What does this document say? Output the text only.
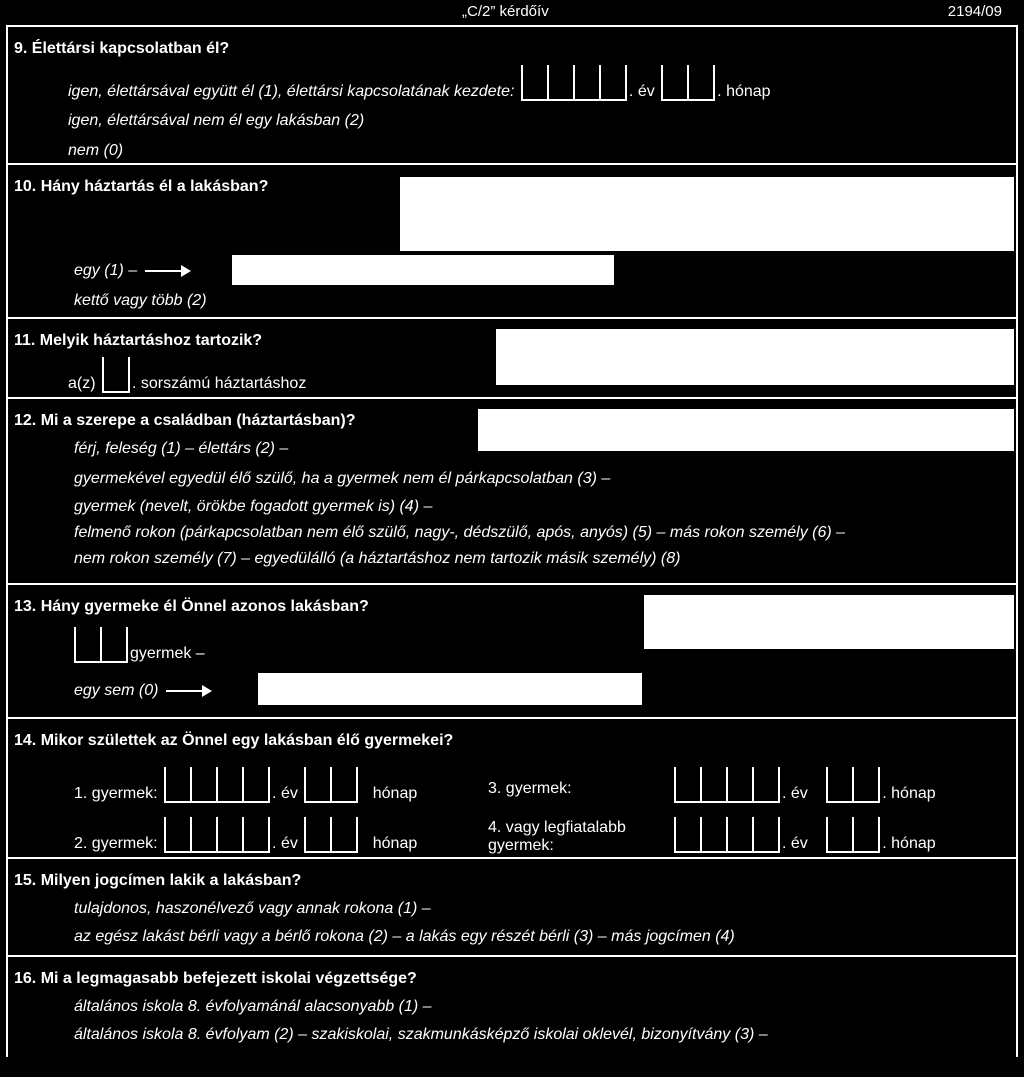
„C/2” kérdőív	2194/09
9. Élettársi kapcsolatban él?
igen, élettársával együtt él (1), élettársi kapcsolatának kezdete:	. év	. hónap
igen, élettársával nem él egy lakásban (2)
nem (0)
10. Hány háztartás él a lakásban?
egy (1) –
kettő vagy több (2)
11. Melyik háztartáshoz tartozik?
a(z) . sorszámú háztartáshoz
12. Mi a szerepe a családban (háztartásban)?
férj, feleség (1) – élettárs (2) –
gyermekével egyedül élő szülő, ha a gyermek nem él párkapcsolatban (3) –
gyermek (nevelt, örökbe fogadott gyermek is) (4) –
felmenő rokon (párkapcsolatban nem élő szülő, nagy-, dédszülő, após, anyós) (5) – más rokon személy (6) –
nem rokon személy (7) – egyedülálló (a háztartáshoz nem tartozik másik személy) (8)
13. Hány gyermeke él Önnel azonos lakásban?
gyermek –
egy sem (0)
14. Mikor születtek az Önnel egy lakásban élő gyermekei?
1. gyermek:	. év	hónap
2. gyermek:	. év	hónap
3. gyermek:	. év	. hónap
4. vagy legfiatalabb
gyermek:	. év	. hónap
15. Milyen jogcímen lakik a lakásban?
tulajdonos, haszonélvező vagy annak rokona (1) –
az egész lakást bérli vagy a bérlő rokona (2) – a lakás egy részét bérli (3) – más jogcímen (4)
16. Mi a legmagasabb befejezett iskolai végzettsége?
általános iskola 8. évfolyamánál alacsonyabb (1) –
általános iskola 8. évfolyam (2) – szakiskolai, szakmunkásképző iskolai oklevél, bizonyítvány (3) –
